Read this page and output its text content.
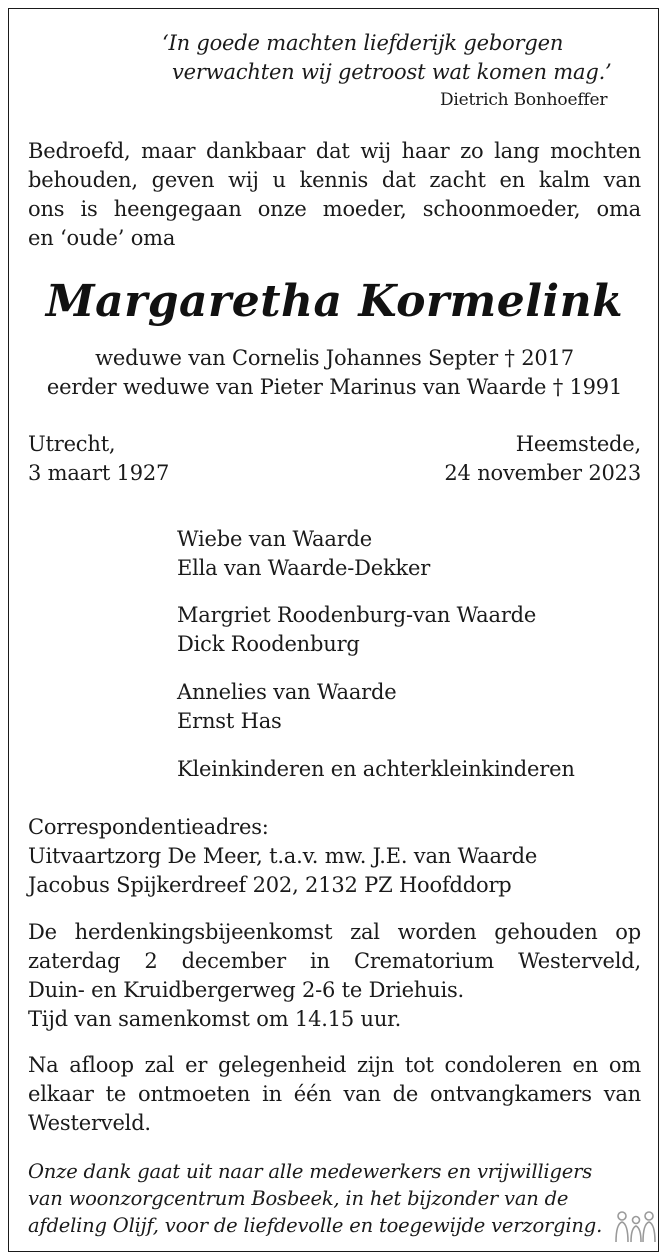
‘In goede machten liefderijk geborgen

verwachten wij getroost wat komen mag.’

Dietrich Bonhoeffer

Bedroefd, maar dankbaar dat wij haar zo lang mochten

behouden, geven wij u kennis dat zacht en kalm van

ons is heengegaan onze moeder, schoonmoeder, oma

en ‘oude’ oma

Margaretha Kormelink

weduwe van Cornelis Johannes Septer † 2017

eerder weduwe van Pieter Marinus van Waarde † 1991

Utrecht,

3 maart 1927

Heemstede,

24 november 2023

Wiebe van Waarde

Ella van Waarde-Dekker

Margriet Roodenburg-van Waarde

Dick Roodenburg

Annelies van Waarde

Ernst Has

Kleinkinderen en achterkleinkinderen

Correspondentieadres:

Uitvaartzorg De Meer, t.a.v. mw. J.E. van Waarde

Jacobus Spijkerdreef 202, 2132 PZ Hoofddorp

De herdenkingsbijeenkomst zal worden gehouden op

zaterdag 2 december in Crematorium Westerveld,

Duin- en Kruidbergerweg 2-6 te Driehuis.

Tijd van samenkomst om 14.15 uur.

Na afloop zal er gelegenheid zijn tot condoleren en om

elkaar te ontmoeten in één van de ontvangkamers van

Westerveld.

Onze dank gaat uit naar alle medewerkers en vrijwilligers

van woonzorgcentrum Bosbeek, in het bijzonder van de

afdeling Olijf, voor de liefdevolle en toegewijde verzorging.
